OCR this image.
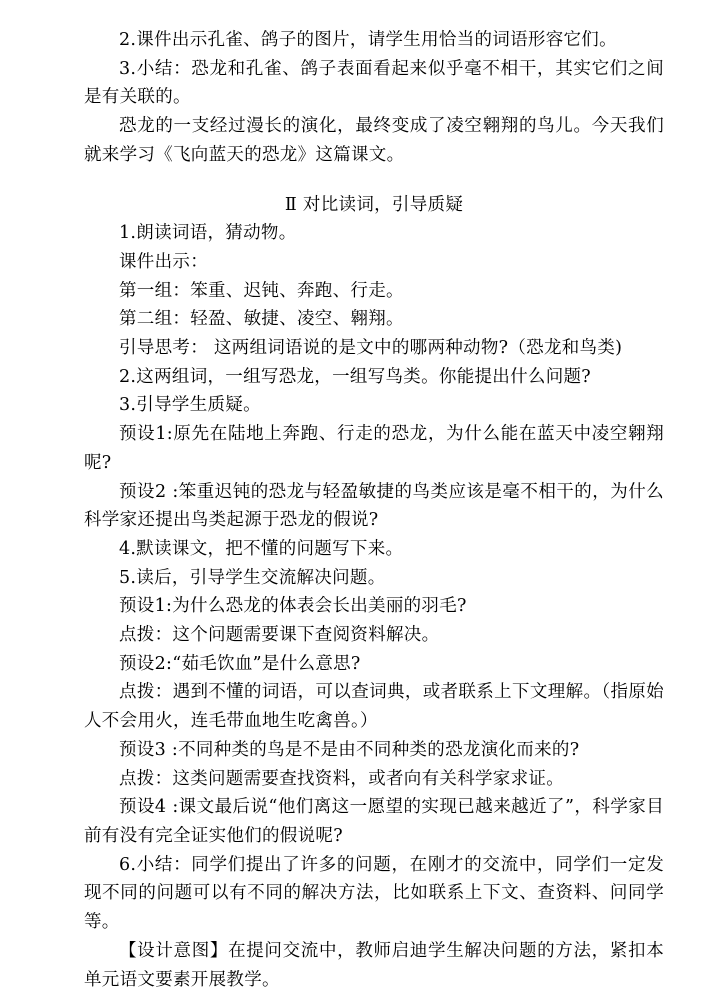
2.课件出示孔雀、鸽子的图片，请学生用恰当的词语形容它们。

3.小结：恐龙和孔雀、鸽子表面看起来似乎毫不相干，其实它们之间是有关联的。

恐龙的一支经过漫长的演化，最终变成了凌空翱翔的鸟儿。今天我们就来学习《飞向蓝天的恐龙》这篇课文。

Ⅱ 对比读词，引导质疑

1.朗读词语，猜动物。

课件出示：

第一组：笨重、迟钝、奔跑、行走。

第二组：轻盈、敏捷、凌空、翱翔。

引导思考： 这两组词语说的是文中的哪两种动物?（恐龙和鸟类)

2.这两组词，一组写恐龙，一组写鸟类。你能提出什么问题?

3.引导学生质疑。

预设1:原先在陆地上奔跑、行走的恐龙，为什么能在蓝天中凌空翱翔呢?

预设2 :笨重迟钝的恐龙与轻盈敏捷的鸟类应该是毫不相干的，为什么科学家还提出鸟类起源于恐龙的假说?

4.默读课文，把不懂的问题写下来。

5.读后，引导学生交流解决问题。

预设1:为什么恐龙的体表会长出美丽的羽毛?

点拨：这个问题需要课下查阅资料解决。

预设2:“茹毛饮血”是什么意思?

点拨：遇到不懂的词语，可以查词典，或者联系上下文理解。（指原始人不会用火，连毛带血地生吃禽兽。）

预设3 :不同种类的鸟是不是由不同种类的恐龙演化而来的?

点拨：这类问题需要查找资料，或者向有关科学家求证。

预设4 :课文最后说“他们离这一愿望的实现已越来越近了”，科学家目前有没有完全证实他们的假说呢?

6.小结：同学们提出了许多的问题，在刚才的交流中，同学们一定发现不同的问题可以有不同的解决方法，比如联系上下文、查资料、问同学等。

【设计意图】在提问交流中，教师启迪学生解决问题的方法，紧扣本单元语文要素开展教学。
